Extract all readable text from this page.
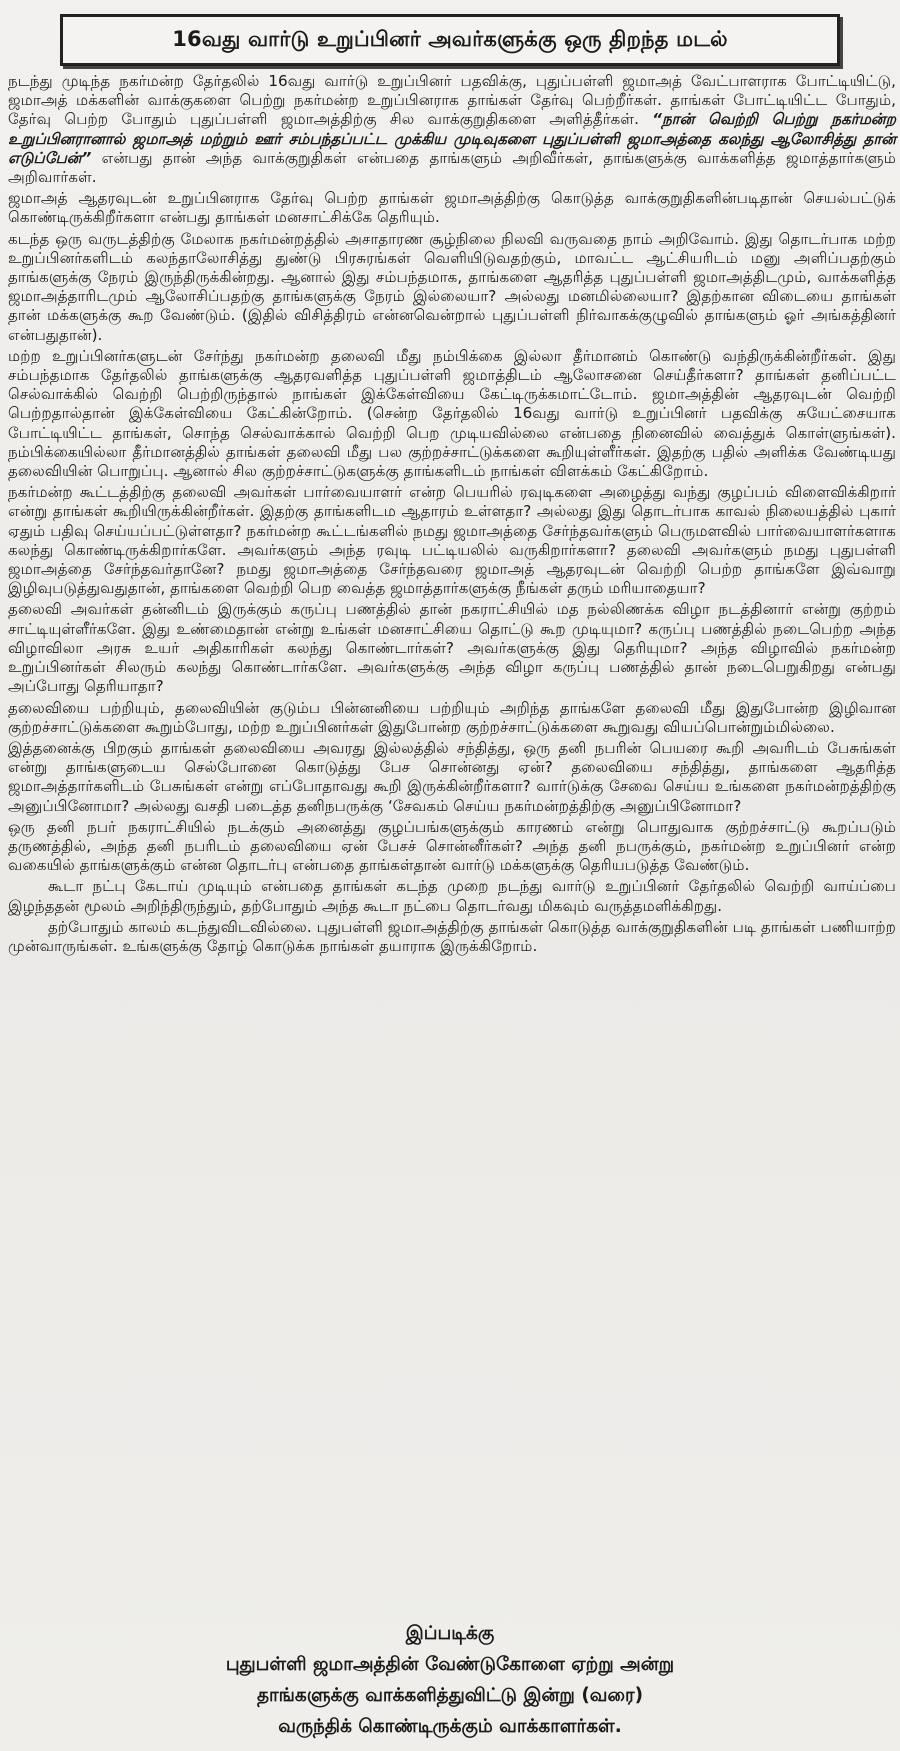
16வது வார்டு உறுப்பினர் அவர்களுக்கு ஒரு திறந்த மடல்

நடந்து முடிந்த நகர்மன்ற தேர்தலில் 16வது வார்டு உறுப்பினர் பதவிக்கு, புதுப்பள்ளி ஜமாஅத் வேட்பாளராக போட்டியிட்டு, ஜமாஅத் மக்களின் வாக்குகளை பெற்று நகர்மன்ற உறுப்பினராக தாங்கள் தேர்வு பெற்றீர்கள். தாங்கள் போட்டியிட்ட போதும், தேர்வு பெற்ற போதும் புதுப்பள்ளி ஜமாஅத்திற்கு சில வாக்குறுதிகளை அளித்தீர்கள். “நான் வெற்றி பெற்று நகர்மன்ற உறுப்பினரானால் ஜமாஅத் மற்றும் ஊர் சம்பந்தப்பட்ட முக்கிய முடிவுகளை புதுப்பள்ளி ஜமாஅத்தை கலந்து ஆலோசித்து தான் எடுப்பேன்” என்பது தான் அந்த வாக்குறுதிகள் என்பதை தாங்களும் அறிவீர்கள், தாங்களுக்கு வாக்களித்த ஜமாத்தார்களும் அறிவார்கள்.

ஜமாஅத் ஆதரவுடன் உறுப்பினராக தேர்வு பெற்ற தாங்கள் ஜமாஅத்திற்கு கொடுத்த வாக்குறுதிகளின்படிதான் செயல்பட்டுக் கொண்டிருக்கிறீர்களா என்பது தாங்கள் மனசாட்சிக்கே தெரியும்.

கடந்த ஒரு வருடத்திற்கு மேலாக நகர்மன்றத்தில் அசாதாரண சூழ்நிலை நிலவி வருவதை நாம் அறிவோம். இது தொடர்பாக மற்ற உறுப்பினர்களிடம் கலந்தாலோசித்து துண்டு பிரசுரங்கள் வெளியிடுவதற்கும், மாவட்ட ஆட்சியரிடம் மனு அளிப்பதற்கும் தாங்களுக்கு நேரம் இருந்திருக்கின்றது. ஆனால் இது சம்பந்தமாக, தாங்களை ஆதரித்த புதுப்பள்ளி ஜமாஅத்திடமும், வாக்களித்த ஜமாஅத்தாரிடமும் ஆலோசிப்பதற்கு தாங்களுக்கு நேரம் இல்லையா? அல்லது மனமில்லையா? இதற்கான விடையை தாங்கள் தான் மக்களுக்கு கூற வேண்டும். (இதில் விசித்திரம் என்னவென்றால் புதுப்பள்ளி நிர்வாகக்குழுவில் தாங்களும் ஓர் அங்கத்தினர் என்பதுதான்).

மற்ற உறுப்பினர்களுடன் சேர்ந்து நகர்மன்ற தலைவி மீது நம்பிக்கை இல்லா தீர்மானம் கொண்டு வந்திருக்கின்றீர்கள். இது சம்பந்தமாக தேர்தலில் தாங்களுக்கு ஆதரவளித்த புதுப்பள்ளி ஜமாத்திடம் ஆலோசனை செய்தீர்களா? தாங்கள் தனிப்பட்ட செல்வாக்கில் வெற்றி பெற்றிருந்தால் நாங்கள் இக்கேள்வியை கேட்டிருக்கமாட்டோம். ஜமாஅத்தின் ஆதரவுடன் வெற்றி பெற்றதால்தான் இக்கேள்வியை கேட்கின்றோம். (சென்ற தேர்தலில் 16வது வார்டு உறுப்பினர் பதவிக்கு சுயேட்சையாக போட்டியிட்ட தாங்கள், சொந்த செல்வாக்கால் வெற்றி பெற முடியவில்லை என்பதை நினைவில் வைத்துக் கொள்ளுங்கள்). நம்பிக்கையில்லா தீர்மானத்தில் தாங்கள் தலைவி மீது பல குற்றச்சாட்டுக்களை கூறியுள்ளீர்கள். இதற்கு பதில் அளிக்க வேண்டியது தலைவியின் பொறுப்பு. ஆனால் சில குற்றச்சாட்டுகளுக்கு தாங்களிடம் நாங்கள் விளக்கம் கேட்கிறோம்.

நகர்மன்ற கூட்டத்திற்கு தலைவி அவர்கள் பார்வையாளர் என்ற பெயரில் ரவுடிகளை அழைத்து வந்து குழப்பம் விளைவிக்கிறார் என்று தாங்கள் கூறியிருக்கின்றீர்கள். இதற்கு தாங்களிடம ஆதாரம் உள்ளதா? அல்லது இது தொடர்பாக காவல் நிலையத்தில் புகார் ஏதும் பதிவு செய்யப்பட்டுள்ளதா? நகர்மன்ற கூட்டங்களில் நமது ஜமாஅத்தை சேர்ந்தவர்களும் பெருமளவில் பார்வையாளர்களாக கலந்து கொண்டிருக்கிறார்களே. அவர்களும் அந்த ரவுடி பட்டியலில் வருகிறார்களா? தலைவி அவர்களும் நமது புதுபள்ளி ஜமாஅத்தை சேர்ந்தவர்தானே? நமது ஜமாஅத்தை சேர்ந்தவரை ஜமாஅத் ஆதரவுடன் வெற்றி பெற்ற தாங்களே இவ்வாறு இழிவுபடுத்துவதுதான், தாங்களை வெற்றி பெற வைத்த ஜமாத்தார்களுக்கு நீங்கள் தரும் மரியாதையா?

தலைவி அவர்கள் தன்னிடம் இருக்கும் கருப்பு பணத்தில் தான் நகராட்சியில் மத நல்லிணக்க விழா நடத்தினார் என்று குற்றம் சாட்டியுள்ளீர்களே. இது உண்மைதான் என்று உங்கள் மனசாட்சியை தொட்டு கூற முடியுமா? கருப்பு பணத்தில் நடைபெற்ற அந்த விழாவிலா அரசு உயர் அதிகாரிகள் கலந்து கொண்டார்கள்? அவர்களுக்கு இது தெரியுமா? அந்த விழாவில் நகர்மன்ற உறுப்பினர்கள் சிலரும் கலந்து கொண்டார்களே. அவர்களுக்கு அந்த விழா கருப்பு பணத்தில் தான் நடைபெறுகிறது என்பது அப்போது தெரியாதா?

தலைவியை பற்றியும், தலைவியின் குடும்ப பின்னனியை பற்றியும் அறிந்த தாங்களே தலைவி மீது இதுபோன்ற இழிவான குற்றச்சாட்டுக்களை கூறும்போது, மற்ற உறுப்பினர்கள் இதுபோன்ற குற்றச்சாட்டுக்களை கூறுவது வியப்பொன்றும்மில்லை.

இத்தனைக்கு பிறகும் தாங்கள் தலைவியை அவரது இல்லத்தில் சந்தித்து, ஒரு தனி நபரின் பெயரை கூறி அவரிடம் பேசுங்கள் என்று தாங்களுடைய செல்போனை கொடுத்து பேச சொன்னது ஏன்? தலைவியை சந்தித்து, தாங்களை ஆதரித்த ஜமாஅத்தார்களிடம் பேசுங்கள் என்று எப்போதாவது கூறி இருக்கின்றீர்களா? வார்டுக்கு சேவை செய்ய உங்களை நகர்மன்றத்திற்கு அனுப்பினோமா? அல்லது வசதி படைத்த தனிநபருக்கு ‘சேவகம் செய்ய நகர்மன்றத்திற்கு அனுப்பினோமா?

ஒரு தனி நபர் நகராட்சியில் நடக்கும் அனைத்து குழப்பங்களுக்கும் காரணம் என்று பொதுவாக குற்றச்சாட்டு கூறப்படும் தருணத்தில், அந்த தனி நபரிடம் தலைவியை ஏன் பேசச் சொன்னீர்கள்? அந்த தனி நபருக்கும், நகர்மன்ற உறுப்பினர் என்ற வகையில் தாங்களுக்கும் என்ன தொடர்பு என்பதை தாங்கள்தான் வார்டு மக்களுக்கு தெரியபடுத்த வேண்டும்.

கூடா நட்பு கேடாய் முடியும் என்பதை தாங்கள் கடந்த முறை நடந்து வார்டு உறுப்பினர் தேர்தலில் வெற்றி வாய்ப்பை இழந்ததன் மூலம் அறிந்திருந்தும், தற்போதும் அந்த கூடா நட்பை தொடர்வது மிகவும் வருத்தமளிக்கிறது.

தற்போதும் காலம் கடந்துவிடவில்லை. புதுபள்ளி ஜமாஅத்திற்கு தாங்கள் கொடுத்த வாக்குறுதிகளின் படி தாங்கள் பணியாற்ற முன்வாருங்கள். உங்களுக்கு தோழ் கொடுக்க நாங்கள் தயாராக இருக்கிறோம்.

இப்படிக்கு
புதுபள்ளி ஜமாஅத்தின் வேண்டுகோளை ஏற்று அன்று
தாங்களுக்கு வாக்களித்துவிட்டு இன்று (வரை)
வருந்திக் கொண்டிருக்கும் வாக்காளர்கள்.
